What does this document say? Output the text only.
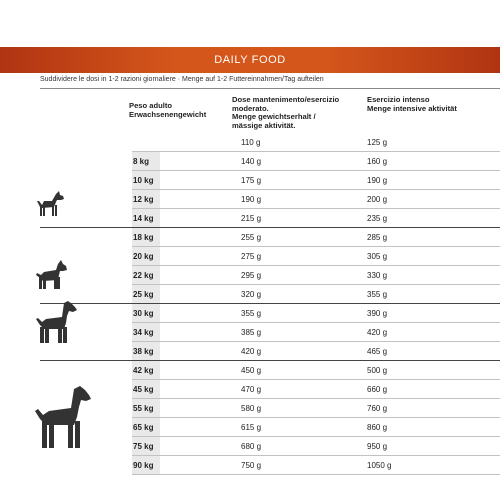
DAILY FOOD
Suddividere le dosi in 1-2 razioni giornaliere · Menge auf 1-2 Futtereinnahmen/Tag aufteilen
Peso adulto
Erwachsenengewicht
Dose mantenimento/esercizio moderato.
Menge gewichtserhalt / mässige aktivität.
Esercizio intenso
Menge intensive aktivität
110 g	125 g
8 kg	140 g	160 g
10 kg	175 g	190 g
12 kg	190 g	200 g
14 kg	215 g	235 g
18 kg	255 g	285 g
20 kg	275 g	305 g
22 kg	295 g	330 g
25 kg	320 g	355 g
30 kg	355 g	390 g
34 kg	385 g	420 g
38 kg	420 g	465 g
42 kg	450 g	500 g
45 kg	470 g	660 g
55 kg	580 g	760 g
65 kg	615 g	860 g
75 kg	680 g	950 g
90 kg	750 g	1050 g
